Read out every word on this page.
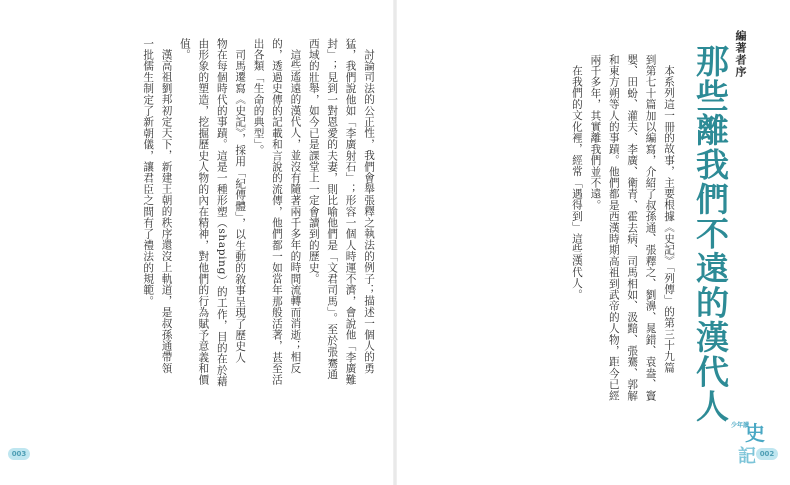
討論司法的公正性，我們會舉張釋之執法的例子；描述一個人的勇
猛，我們說他如「李廣射石」；形容一個人時運不濟，會說他「李廣難
封」；見到一對恩愛的夫妻，則比喻他們是「文君司馬」。至於張騫通
西域的壯舉，如今已是課堂上一定會讀到的歷史。
這些遙遠的漢代人，並沒有隨著兩千多年的時間流轉而消逝；相反
的，透過史傳的記載和言說的流傳，他們都一如當年那般活著，甚至活
出各類「生命的典型」。
司馬遷寫《史記》，採用「紀傳體」，以生動的敘事呈現了歷史人
物在每個時代的事蹟。這是一種形塑（shaping）的工作，目的在於藉
由形象的塑造，挖掘歷史人物的內在精神，對他們的行為賦予意義和價
值。
漢高祖劉邦初定天下，新建王朝的秩序還沒上軌道，是叔孫通帶領
一批儒生制定了新朝儀，讓君臣之間有了禮法的規範。
003
編著者序
那些離我們不遠的漢代人
本系列這一冊的故事，主要根據《史記》「列傳」的第三十九篇
到第七十篇加以編寫，介紹了叔孫通、張釋之、劉濞、晁錯、袁盎、竇
嬰、田蚡、灌夫、李廣、衛青、霍去病、司馬相如、汲黯、張騫、郭解
和東方朔等人的事蹟。他們都是西漢時期高祖到武帝的人物，距今已經
兩千多年，其實離我們並不遠。
在我們的文化裡，經常「遇得到」這些漢代人。
少年讀
史
記 002
